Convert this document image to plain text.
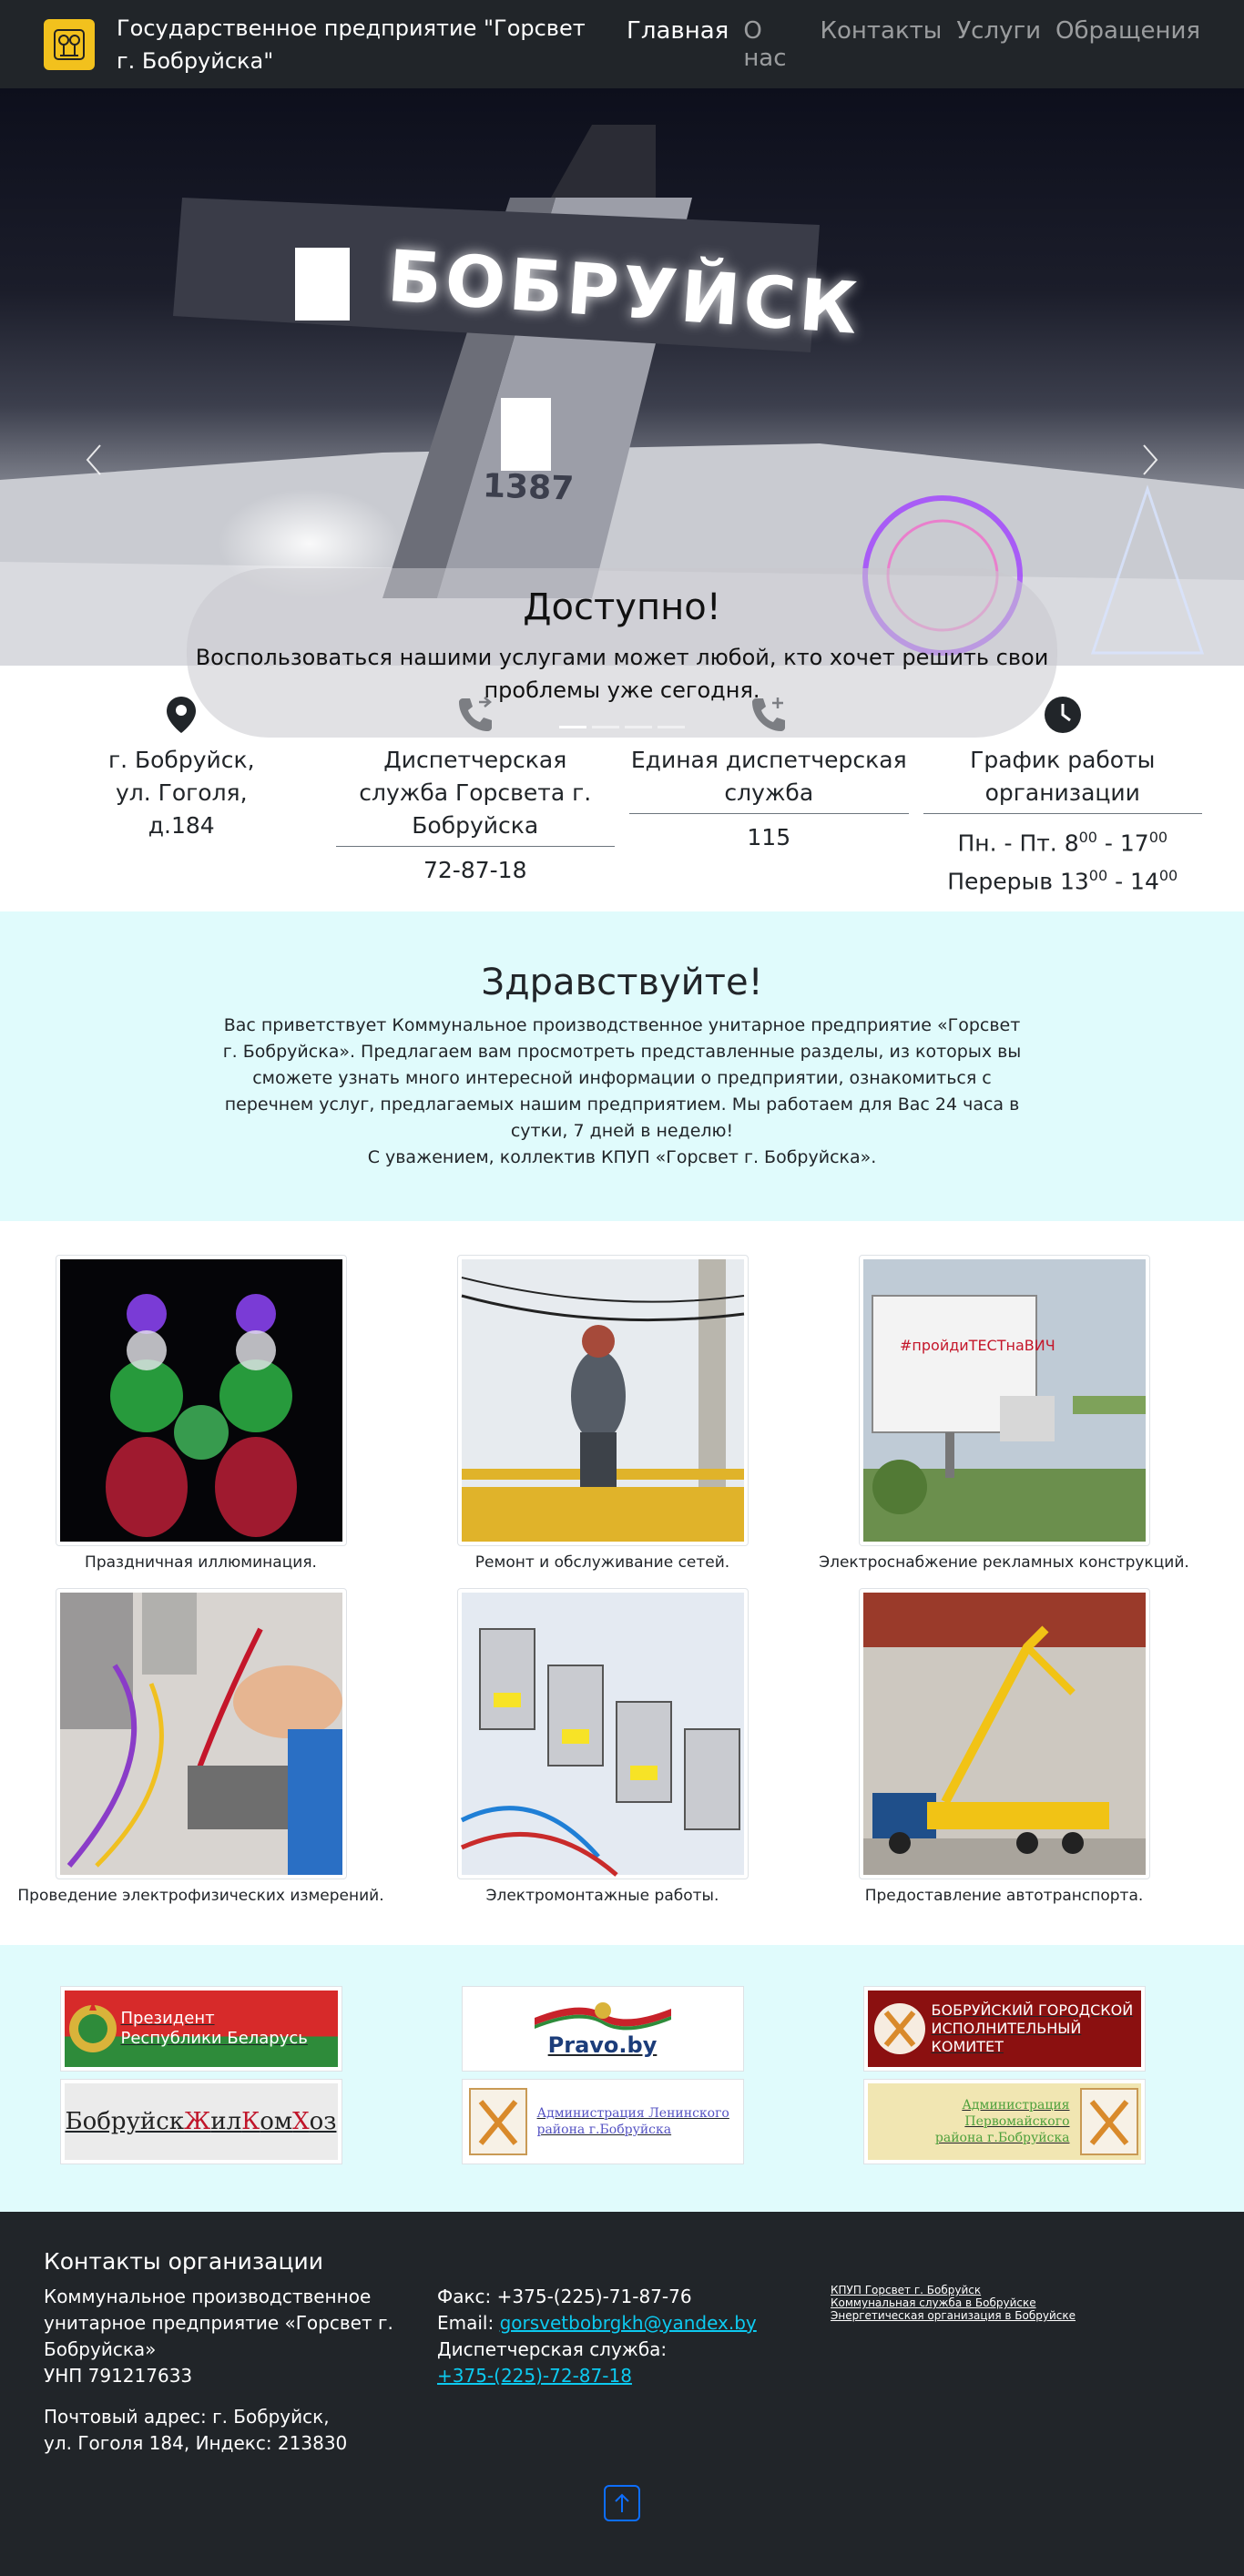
Государственное предприятие "Горсвет
г. Бобруйска"
Главная О нас
Контакты Услуги Обращения
БОБРУЙСК
1387
Доступно!

Воспользоваться нашими услугами может любой, кто хочет решить свои проблемы уже сегодня.

г. Бобруйск,
ул. Гоголя,
д.184
Диспетчерская служба Горсвета г. Бобруйска
72-87-18
Единая диспетчерская служба
115
График работы организации
Пн. - Пт. $8^{00} - 17^{00}$
Перерыв $13^{00} - 14^{00}$
Здравствуйте!

Вас приветствует Коммунальное производственное унитарное предприятие «Горсвет г. Бобруйска». Предлагаем вам просмотреть представленные разделы, из которых вы сможете узнать много интересной информации о предприятии, ознакомиться с перечнем услуг, предлагаемых нашим предприятием. Мы работаем для Вас 24 часа в сутки, 7 дней в неделю!

С уважением, коллектив КПУП «Горсвет г. Бобруйска».

Праздничная иллюминация.	Ремонт и обслуживание сетей.
#пройдиТЕСТнаВИЧ
Электроснабжение рекламных конструкций.
Проведение электрофизических измерений.	Электромонтажные работы.	Предоставление автотранспорта.
Президент
Республики Беларусь	Pravo.by
БОБРУЙСКИЙ ГОРОДСКОЙ
ИСПОЛНИТЕЛЬНЫЙ КОМИТЕТ
Бобруйск Ж ил К ом Х оз	Администрация Ленинского
района г.Бобруйска
Администрация Первомайского
района г.Бобруйска
Контакты организации
Коммунальное производственное
унитарное предприятие «Горсвет г.
Бобруйска»
УНП 791217633
Почтовый адрес: г. Бобруйск,
ул. Гоголя 184, Индекс: 213830
Факс: +375-(225)-71-87-76
Email: gorsvetbobrgkh@yandex.by
Диспетчерская служба:
+375-(225)-72-87-18
КПУП Горсвет г. Бобруйск
Коммунальная служба в Бобруйске
Энергетическая организация в Бобруйске
